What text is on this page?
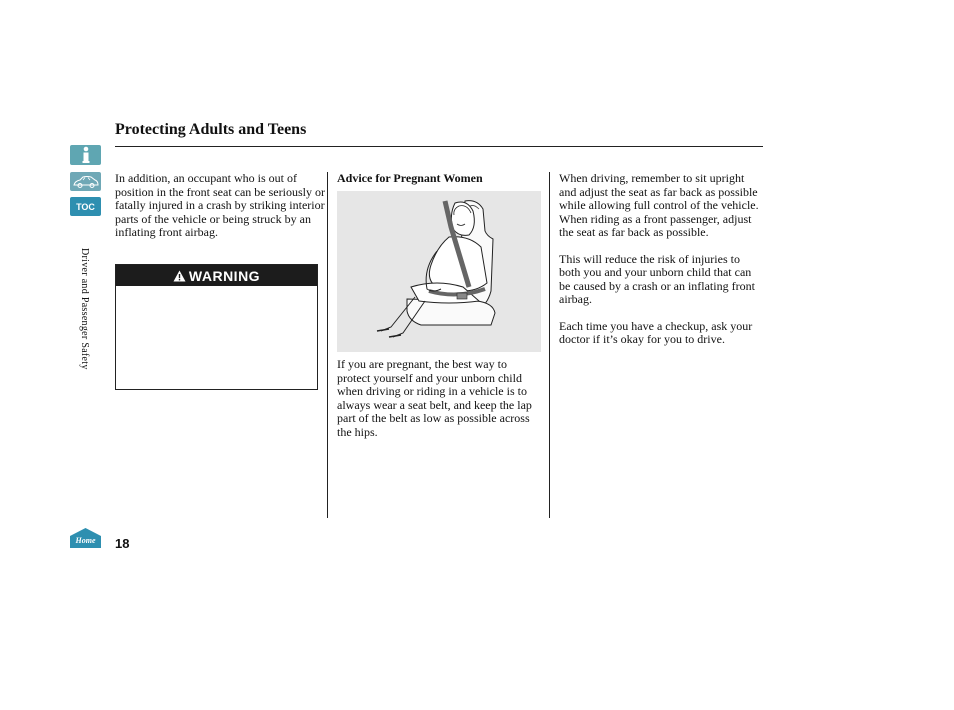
Protecting Adults and Teens
TOC
Driver and Passenger Safety
Home

In addition, an occupant who is out of position in the front seat can be seriously or fatally injured in a crash by striking interior parts of the vehicle or being struck by an inflating front airbag.

WARNING

Advice for Pregnant Women

If you are pregnant, the best way to protect yourself and your unborn child when driving or riding in a vehicle is to always wear a seat belt, and keep the lap part of the belt as low as possible across the hips.

When driving, remember to sit upright and adjust the seat as far back as possible while allowing full control of the vehicle. When riding as a front passenger, adjust the seat as far back as possible.

This will reduce the risk of injuries to both you and your unborn child that can be caused by a crash or an inflating front airbag.

Each time you have a checkup, ask your doctor if it’s okay for you to drive.

18
